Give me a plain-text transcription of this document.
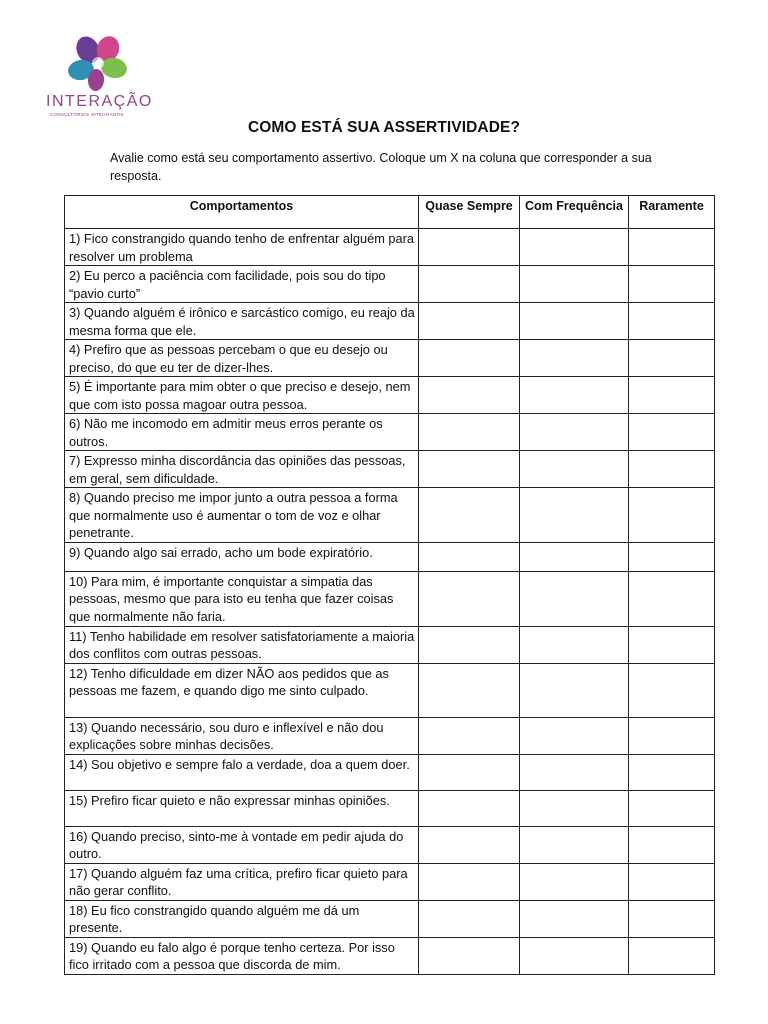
INTERAÇÃO
CONSULTÓRIOS INTEGRADOS
COMO ESTÁ SUA ASSERTIVIDADE?
Avalie como está seu comportamento assertivo. Coloque um X na coluna que corresponder a sua resposta.
Comportamentos	Quase Sempre	Com Frequência	Raramente
1) Fico constrangido quando tenho de enfrentar alguém para resolver um problema			
2) Eu perco a paciência com facilidade, pois sou do tipo “pavio curto”			
3) Quando alguém é irônico e sarcástico comigo, eu reajo da mesma forma que ele.			
4) Prefiro que as pessoas percebam o que eu desejo ou preciso, do que eu ter de dizer-lhes.			
5) É importante para mim obter o que preciso e desejo, nem que com isto possa magoar outra pessoa.			
6) Não me incomodo em admitir meus erros perante os outros.			
7) Expresso minha discordância das opiniões das pessoas, em geral, sem dificuldade.			
8) Quando preciso me impor junto a outra pessoa a forma que normalmente uso é aumentar o tom de voz e olhar penetrante.			
9) Quando algo sai errado, acho um bode expiratório.			
10) Para mim, é importante conquistar a simpatia das pessoas, mesmo que para isto eu tenha que fazer coisas que normalmente não faria.			
11) Tenho habilidade em resolver satisfatoriamente a maioria dos conflitos com outras pessoas.			
12) Tenho dificuldade em dizer NÃO aos pedidos que as pessoas me fazem, e quando digo me sinto culpado.			
13) Quando necessário, sou duro e inflexível e não dou explicações sobre minhas decisões.			
14) Sou objetivo e sempre falo a verdade, doa a quem doer.			
15) Prefiro ficar quieto e não expressar minhas opiniões.			
16) Quando preciso, sinto-me à vontade em pedir ajuda do outro.			
17) Quando alguém faz uma crítica, prefiro ficar quieto para não gerar conflito.			
18) Eu fico constrangido quando alguém me dá um presente.			
19) Quando eu falo algo é porque tenho certeza. Por isso fico irritado com a pessoa que discorda de mim.			
